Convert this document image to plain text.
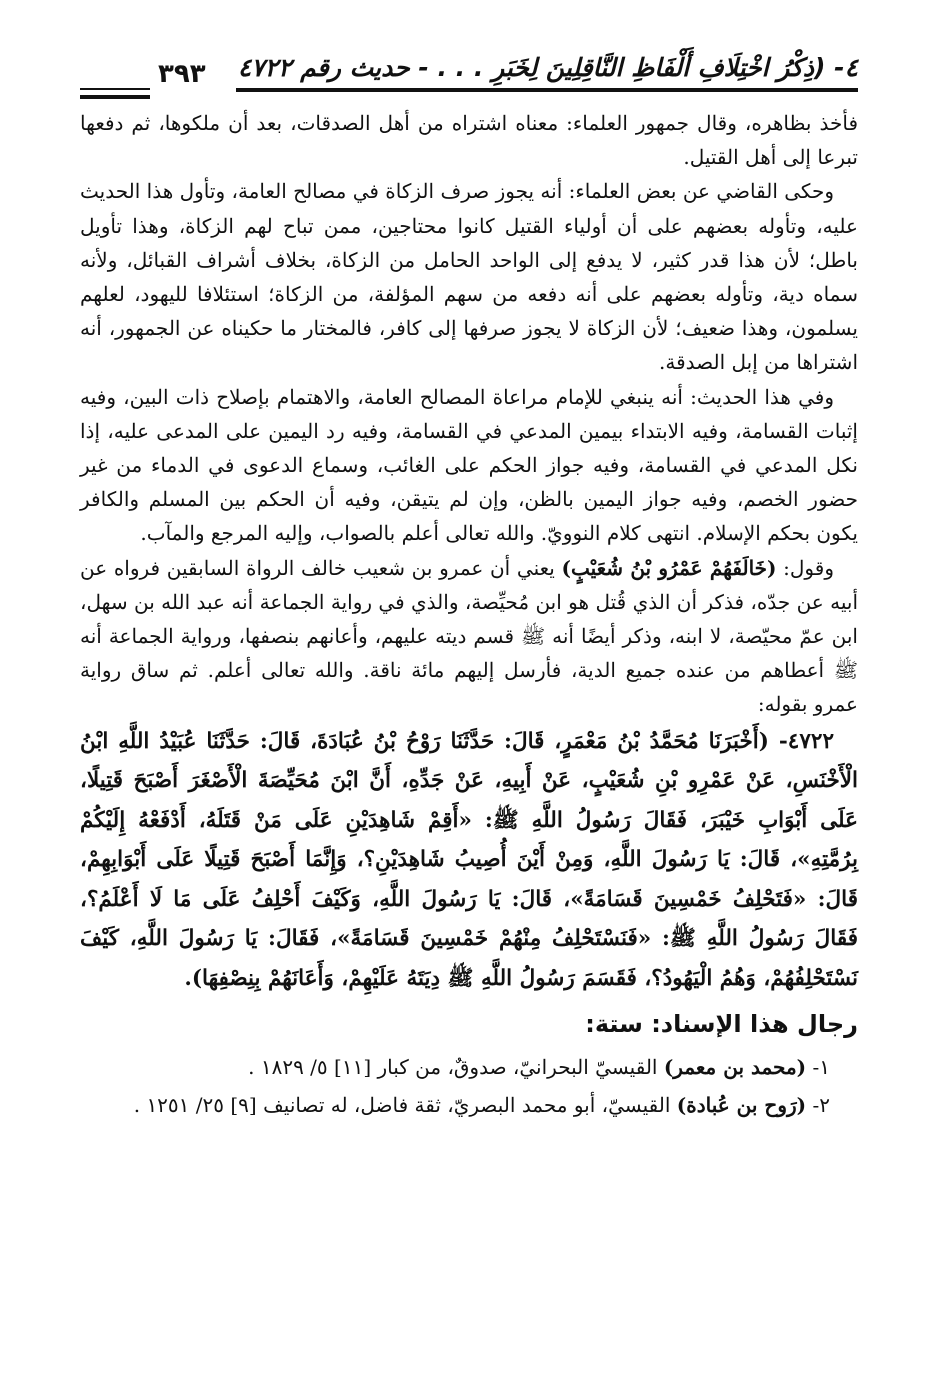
٤- (ذِكْرُ اخْتِلَافِ أَلْفَاظِ النَّاقِلِينَ لِخَبَرِ . . . - حديث رقم ٤٧٢٢
٣٩٣

فأخذ بظاهره، وقال جمهور العلماء: معناه اشتراه من أهل الصدقات، بعد أن ملكوها، ثم دفعها تبرعا إلى أهل القتيل.

وحكى القاضي عن بعض العلماء: أنه يجوز صرف الزكاة في مصالح العامة، وتأول هذا الحديث عليه، وتأوله بعضهم على أن أولياء القتيل كانوا محتاجين، ممن تباح لهم الزكاة، وهذا تأويل باطل؛ لأن هذا قدر كثير، لا يدفع إلى الواحد الحامل من الزكاة، بخلاف أشراف القبائل، ولأنه سماه دية، وتأوله بعضهم على أنه دفعه من سهم المؤلفة، من الزكاة؛ استئلافا لليهود، لعلهم يسلمون، وهذا ضعيف؛ لأن الزكاة لا يجوز صرفها إلى كافر، فالمختار ما حكيناه عن الجمهور، أنه اشتراها من إبل الصدقة.

وفي هذا الحديث: أنه ينبغي للإمام مراعاة المصالح العامة، والاهتمام بإصلاح ذات البين، وفيه إثبات القسامة، وفيه الابتداء بيمين المدعي في القسامة، وفيه رد اليمين على المدعى عليه، إذا نكل المدعي في القسامة، وفيه جواز الحكم على الغائب، وسماع الدعوى في الدماء من غير حضور الخصم، وفيه جواز اليمين بالظن، وإن لم يتيقن، وفيه أن الحكم بين المسلم والكافر يكون بحكم الإسلام. انتهى كلام النوويّ. والله تعالى أعلم بالصواب، وإليه المرجع والمآب.

وقول: (خَالَفَهُمْ عَمْرُو بْنُ شُعَيْبٍ) يعني أن عمرو بن شعيب خالف الرواة السابقين فرواه عن أبيه عن جدّه، فذكر أن الذي قُتل هو ابن مُحيِّصة، والذي في رواية الجماعة أنه عبد الله بن سهل، ابن عمّ محيّصة، لا ابنه، وذكر أيضًا أنه ﷺ قسم ديته عليهم، وأعانهم بنصفها، ورواية الجماعة أنه ﷺ أعطاهم من عنده جميع الدية، فأرسل إليهم مائة ناقة. والله تعالى أعلم. ثم ساق رواية عمرو بقوله:

٤٧٢٢- (أَخْبَرَنَا مُحَمَّدُ بْنُ مَعْمَرٍ، قَالَ: حَدَّثَنَا رَوْحُ بْنُ عُبَادَةَ، قَالَ: حَدَّثَنَا عُبَيْدُ اللَّهِ ابْنُ الْأَخْنَسِ، عَنْ عَمْرِو بْنِ شُعَيْبٍ، عَنْ أَبِيهِ، عَنْ جَدِّهِ، أَنَّ ابْنَ مُحَيِّصَةَ الْأَصْغَرَ أَصْبَحَ قَتِيلًا، عَلَى أَبْوَابِ خَيْبَرَ، فَقَالَ رَسُولُ اللَّهِ ﷺ: «أَقِمْ شَاهِدَيْنِ عَلَى مَنْ قَتَلَهُ، أَدْفَعْهُ إِلَيْكُمْ بِرُمَّتِهِ»، قَالَ: يَا رَسُولَ اللَّهِ، وَمِنْ أَيْنَ أُصِيبُ شَاهِدَيْنِ؟، وَإِنَّمَا أَصْبَحَ قَتِيلًا عَلَى أَبْوَابِهِمْ، قَالَ: «فَتَحْلِفُ خَمْسِينَ قَسَامَةً»، قَالَ: يَا رَسُولَ اللَّهِ، وَكَيْفَ أَحْلِفُ عَلَى مَا لَا أَعْلَمُ؟، فَقَالَ رَسُولُ اللَّهِ ﷺ: «فَنَسْتَحْلِفُ مِنْهُمْ خَمْسِينَ قَسَامَةً»، فَقَالَ: يَا رَسُولَ اللَّهِ، كَيْفَ نَسْتَحْلِفُهُمْ، وَهُمُ الْيَهُودُ؟، فَقَسَمَ رَسُولُ اللَّهِ ﷺ دِيَتَهُ عَلَيْهِمْ، وَأَعَانَهُمْ بِنِصْفِهَا).

رجال هذا الإسناد: ستة:

١- (محمد بن معمر) القيسيّ البحرانيّ، صدوقٌ، من كبار [١١] ٥/ ١٨٢٩ .

٢- (رَوح بن عُبادة) القيسيّ، أبو محمد البصريّ، ثقة فاضل، له تصانيف [٩] ٢٥/ ١٢٥١ .
